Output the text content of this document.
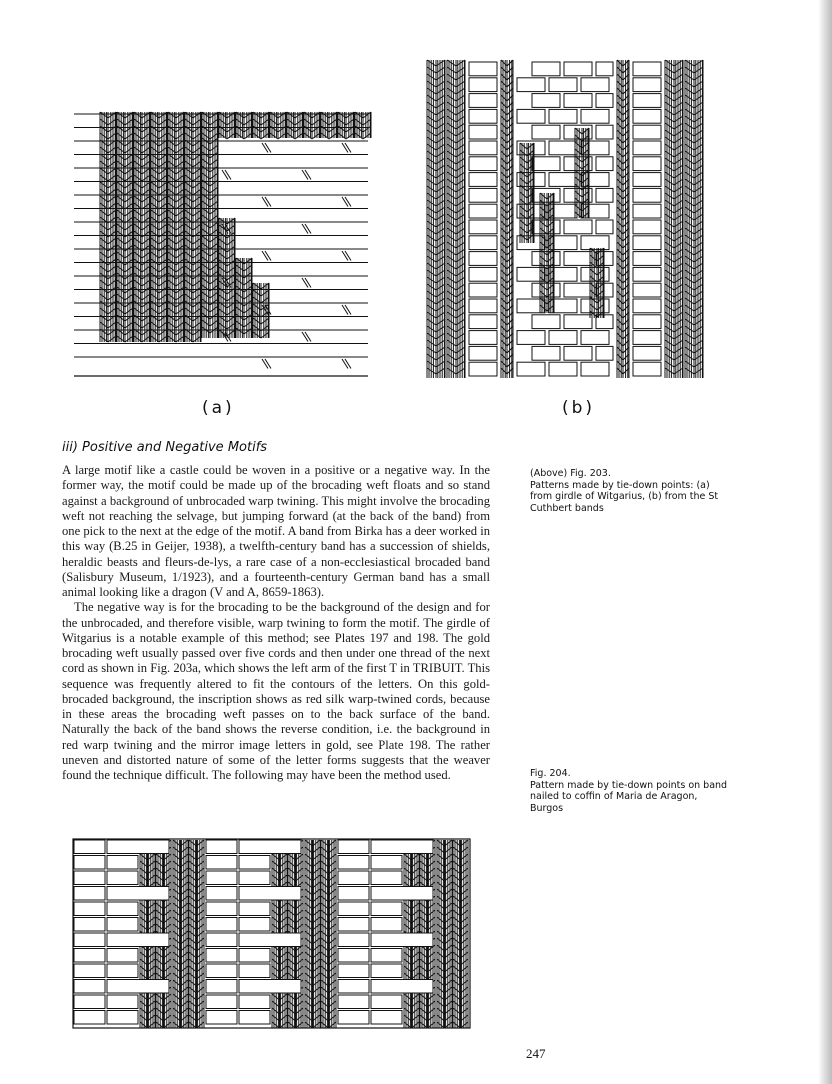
(a)	(b)
iii) Positive and Negative Motifs

A large motif like a castle could be woven in a positive or a negative way. In the former way, the motif could be made up of the brocading weft floats and so stand against a background of unbrocaded warp twining. This might involve the brocading weft not reaching the selvage, but jumping forward (at the back of the band) from one pick to the next at the edge of the motif. A band from Birka has a deer worked in this way (B.25 in Geijer, 1938), a twelfth-century band has a succession of shields, heraldic beasts and fleurs-de-lys, a rare case of a non-ecclesiastical brocaded band (Salisbury Museum, 1/1923), and a fourteenth-century German band has a small animal looking like a dragon (V and A, 8659-1863).

The negative way is for the brocading to be the background of the design and for the unbrocaded, and therefore visible, warp twining to form the motif. The girdle of Witgarius is a notable example of this method; see Plates 197 and 198. The gold brocading weft usually passed over five cords and then under one thread of the next cord as shown in Fig. 203a, which shows the left arm of the first T in TRIBUIT. This sequence was frequently altered to fit the contours of the letters. On this gold-brocaded background, the inscription shows as red silk warp-twined cords, because in these areas the brocading weft passes on to the back surface of the band. Naturally the back of the band shows the reverse condition, i.e. the background in red warp twining and the mirror image letters in gold, see Plate 198. The rather uneven and distorted nature of some of the letter forms suggests that the weaver found the technique difficult. The following may have been the method used.

(Above) Fig. 203.
Patterns made by tie-down points: (a) from girdle of Witgarius, (b) from the St Cuthbert bands
Fig. 204.
Pattern made by tie-down points on band nailed to coffin of Maria de Aragon, Burgos
247
